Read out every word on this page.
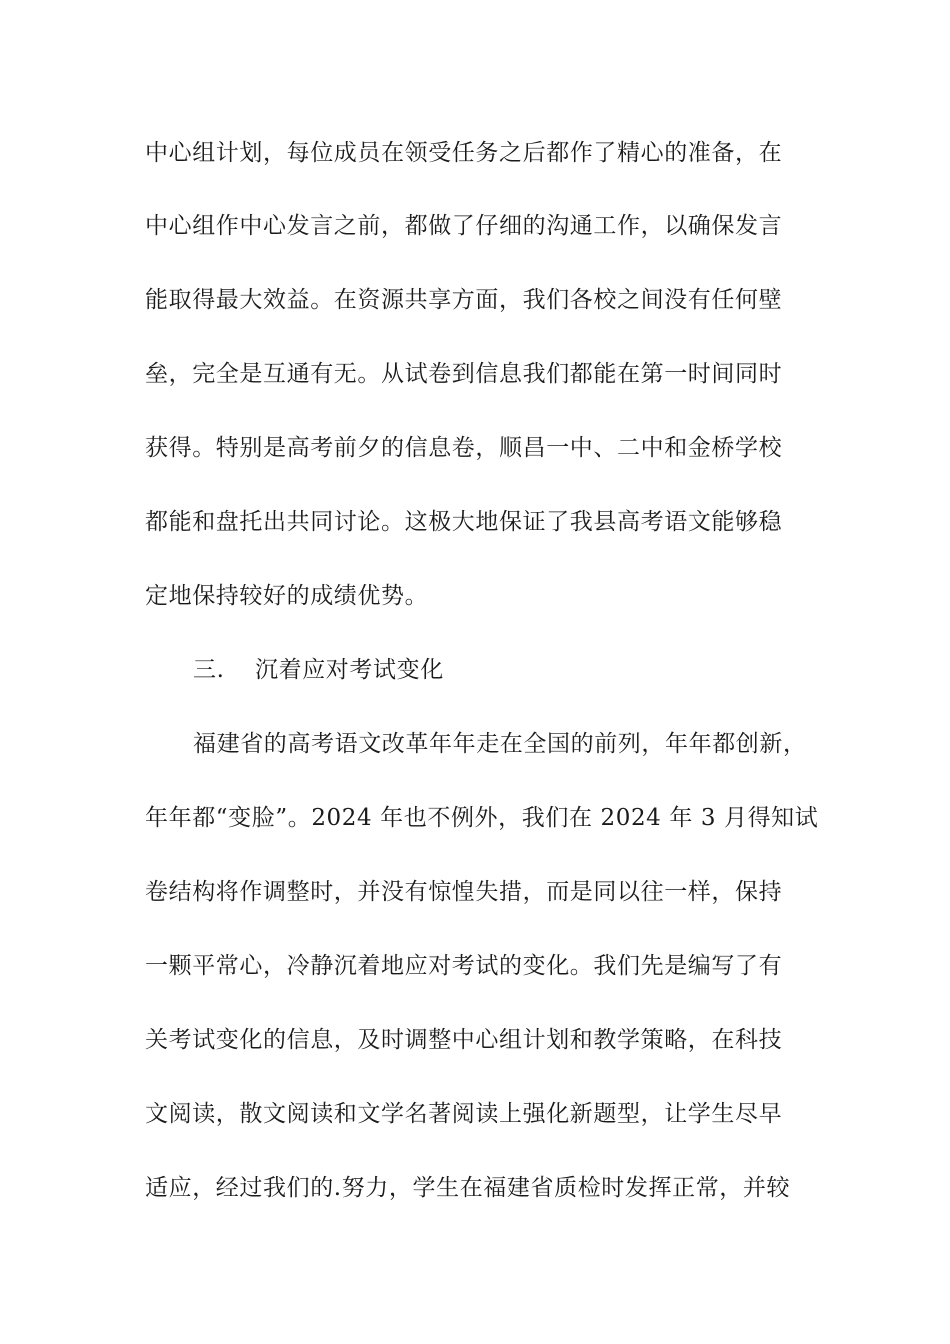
中心组计划，每位成员在领受任务之后都作了精心的准备，在
中心组作中心发言之前，都做了仔细的沟通工作，以确保发言
能取得最大效益。在资源共享方面，我们各校之间没有任何壁
垒，完全是互通有无。从试卷到信息我们都能在第一时间同时
获得。特别是高考前夕的信息卷，顺昌一中、二中和金桥学校
都能和盘托出共同讨论。这极大地保证了我县高考语文能够稳
定地保持较好的成绩优势。
三. 沉着应对考试变化
福建省的高考语文改革年年走在全国的前列，年年都创新，
年年都“变脸”。2024 年也不例外，我们在 2024 年 3 月得知试
卷结构将作调整时，并没有惊惶失措，而是同以往一样，保持
一颗平常心，冷静沉着地应对考试的变化。我们先是编写了有
关考试变化的信息，及时调整中心组计划和教学策略，在科技
文阅读，散文阅读和文学名著阅读上强化新题型，让学生尽早
适应，经过我们的.努力，学生在福建省质检时发挥正常，并较
